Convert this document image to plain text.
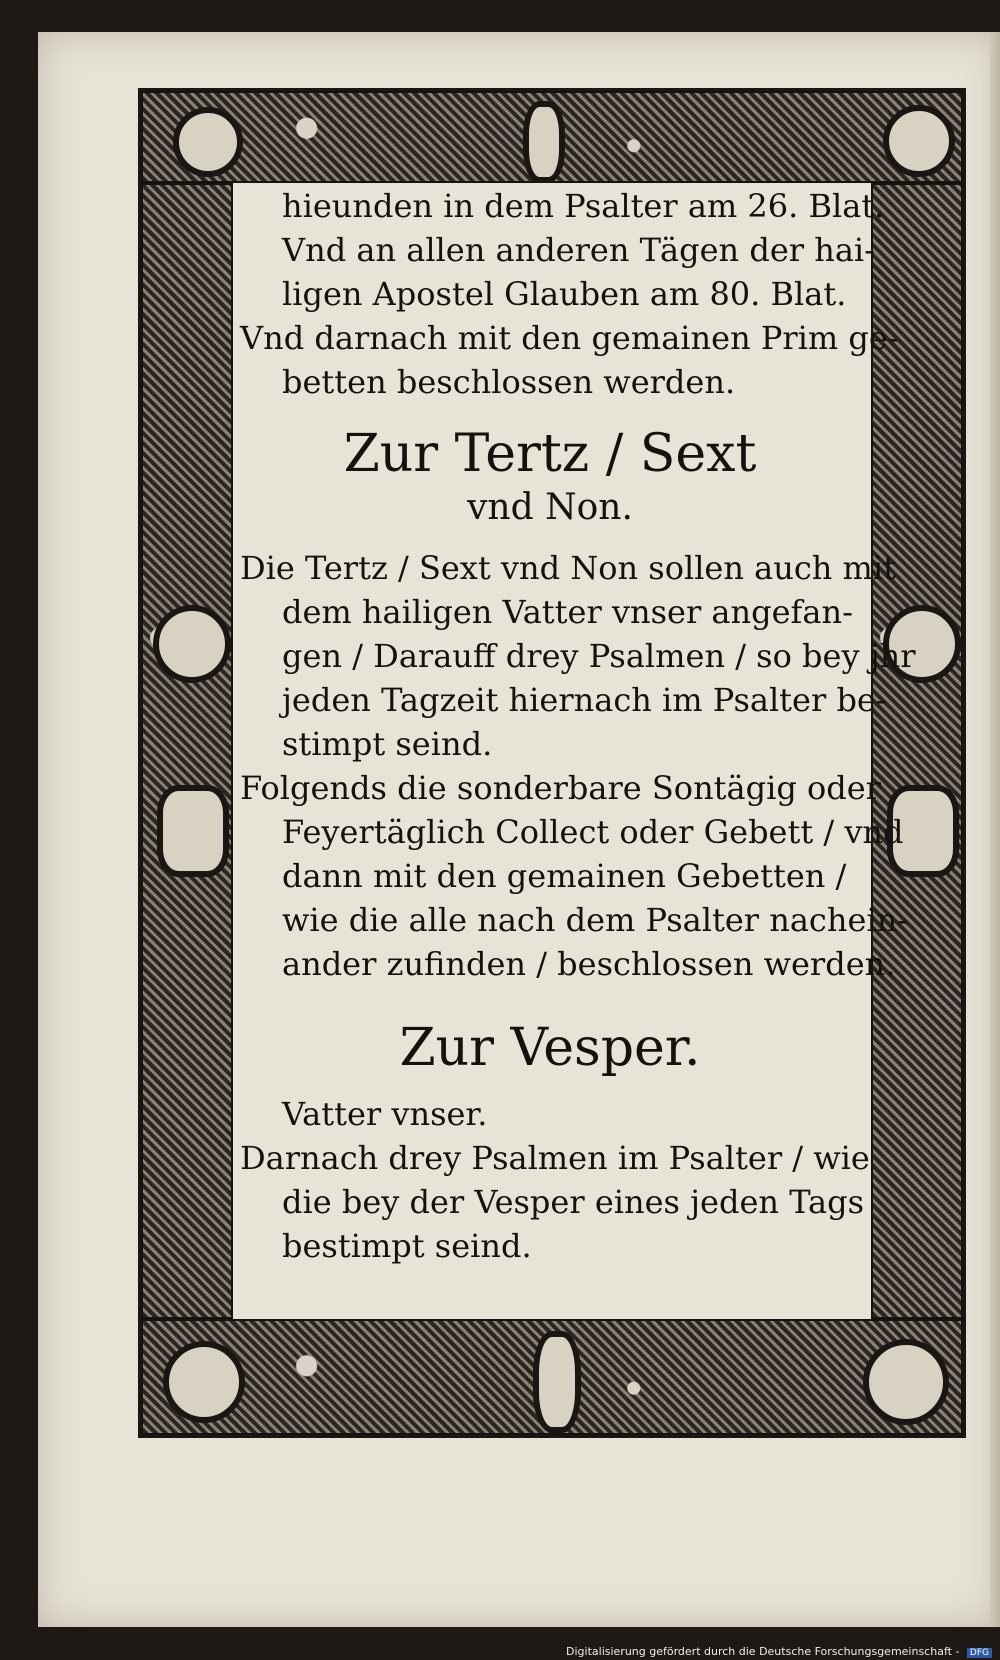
hieunden in dem Psalter am 26. Blat.
Vnd an allen anderen Tägen der hai-
ligen Apostel Glauben am 80. Blat.
Vnd darnach mit den gemainen Prim ge-
betten beschlossen werden.
Zur Tertz / Sext
vnd Non.
Die Tertz / Sext vnd Non sollen auch mit
dem hailigen Vatter vnser angefan-
gen / Darauff drey Psalmen / so bey jhr
jeden Tagzeit hiernach im Psalter be-
stimpt seind.
Folgends die sonderbare Sontägig oder
Feyertäglich Collect oder Gebett / vnd
dann mit den gemainen Gebetten /
wie die alle nach dem Psalter nachein-
ander zufinden / beschlossen werden.
Zur Vesper.
Vatter vnser.
Darnach drey Psalmen im Psalter / wie
die bey der Vesper eines jeden Tags
bestimpt seind.
Digitalisierung gefördert durch die Deutsche Forschungsgemeinschaft - DFG
